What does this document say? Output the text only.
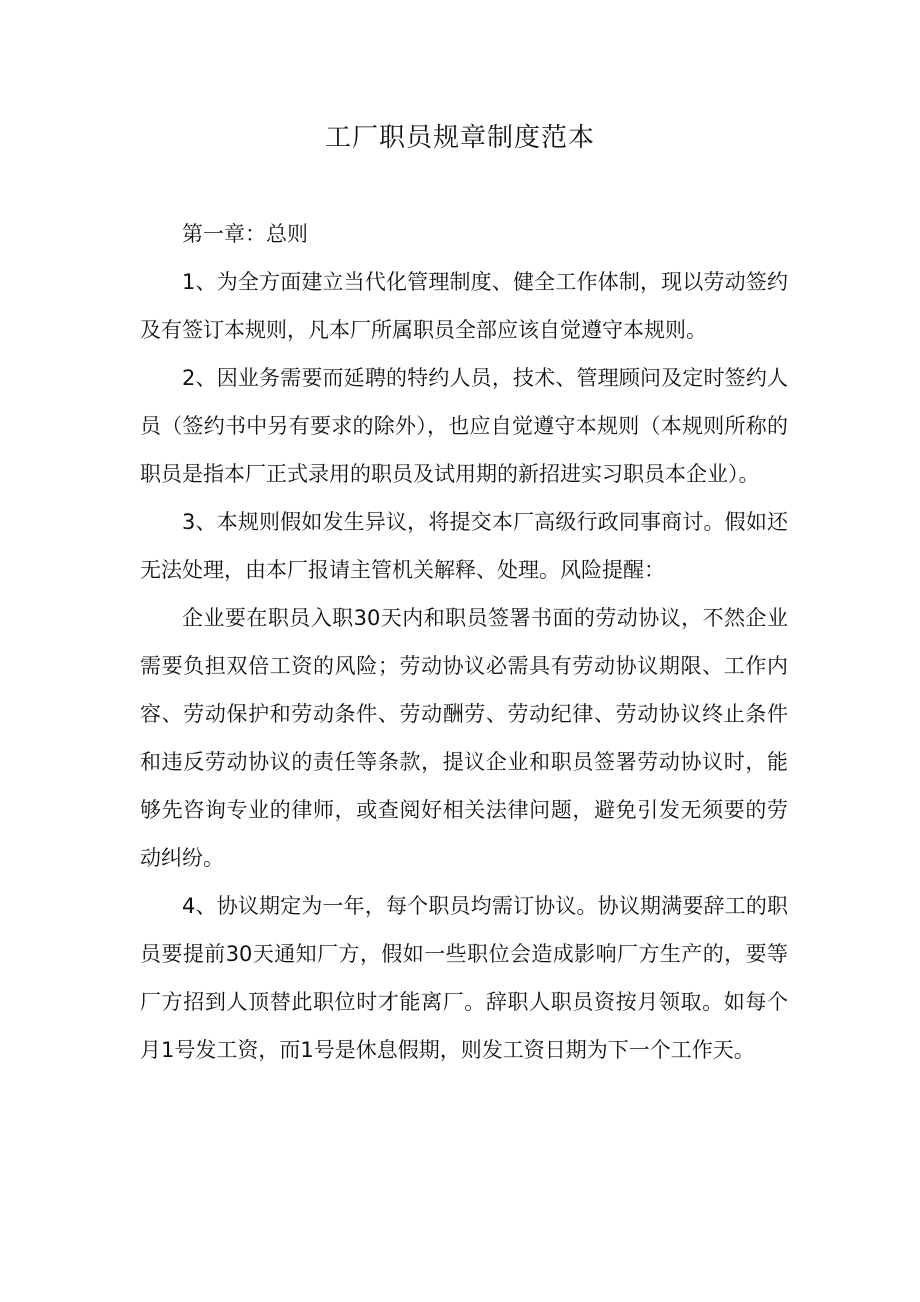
工厂职员规章制度范本

第一章：总则

1、为全方面建立当代化管理制度、健全工作体制，现以劳动签约及有签订本规则，凡本厂所属职员全部应该自觉遵守本规则。

2、因业务需要而延聘的特约人员，技术、管理顾问及定时签约人员（签约书中另有要求的除外），也应自觉遵守本规则（本规则所称的职员是指本厂正式录用的职员及试用期的新招进实习职员本企业）。

3、本规则假如发生异议，将提交本厂高级行政同事商讨。假如还无法处理，由本厂报请主管机关解释、处理。风险提醒：

企业要在职员入职30天内和职员签署书面的劳动协议，不然企业需要负担双倍工资的风险；劳动协议必需具有劳动协议期限、工作内容、劳动保护和劳动条件、劳动酬劳、劳动纪律、劳动协议终止条件和违反劳动协议的责任等条款，提议企业和职员签署劳动协议时，能够先咨询专业的律师，或查阅好相关法律问题，避免引发无须要的劳动纠纷。

4、协议期定为一年，每个职员均需订协议。协议期满要辞工的职员要提前30天通知厂方，假如一些职位会造成影响厂方生产的，要等厂方招到人顶替此职位时才能离厂。辞职人职员资按月领取。如每个月1号发工资，而1号是休息假期，则发工资日期为下一个工作天。
